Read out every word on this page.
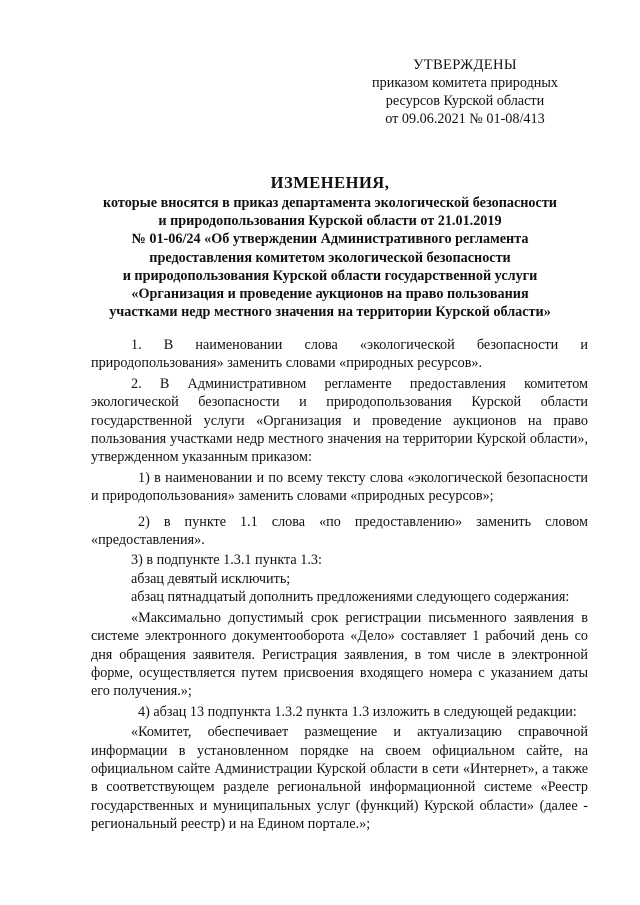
УТВЕРЖДЕНЫ
приказом комитета природных
ресурсов Курской области
от 09.06.2021 № 01-08/413
ИЗМЕНЕНИЯ,
которые вносятся в приказ департамента экологической безопасности
и природопользования Курской области от 21.01.2019
№ 01-06/24 «Об утверждении Административного регламента
предоставления комитетом экологической безопасности
и природопользования Курской области государственной услуги
«Организация и проведение аукционов на право пользования
участками недр местного значения на территории Курской области»
1. В наименовании слова «экологической безопасности и природопользования» заменить словами «природных ресурсов».
2. В Административном регламенте предоставления комитетом экологической безопасности и природопользования Курской области государственной услуги «Организация и проведение аукционов на право пользования участками недр местного значения на территории Курской области», утвержденном указанным приказом:
1) в наименовании и по всему тексту слова «экологической безопасности и природопользования» заменить словами «природных ресурсов»;
2) в пункте 1.1 слова «по предоставлению» заменить словом «предоставления».
3) в подпункте 1.3.1 пункта 1.3:
абзац девятый исключить;
абзац пятнадцатый дополнить предложениями следующего содержания:
«Максимально допустимый срок регистрации письменного заявления в системе электронного документооборота «Дело» составляет 1 рабочий день со дня обращения заявителя. Регистрация заявления, в том числе в электронной форме, осуществляется путем присвоения входящего номера с указанием даты его получения.»;
4) абзац 13 подпункта 1.3.2 пункта 1.3 изложить в следующей редакции:
«Комитет, обеспечивает размещение и актуализацию справочной информации в установленном порядке на своем официальном сайте, на официальном сайте Администрации Курской области в сети «Интернет», а также в соответствующем разделе региональной информационной системе «Реестр государственных и муниципальных услуг (функций) Курской области» (далее - региональный реестр) и на Едином портале.»;
